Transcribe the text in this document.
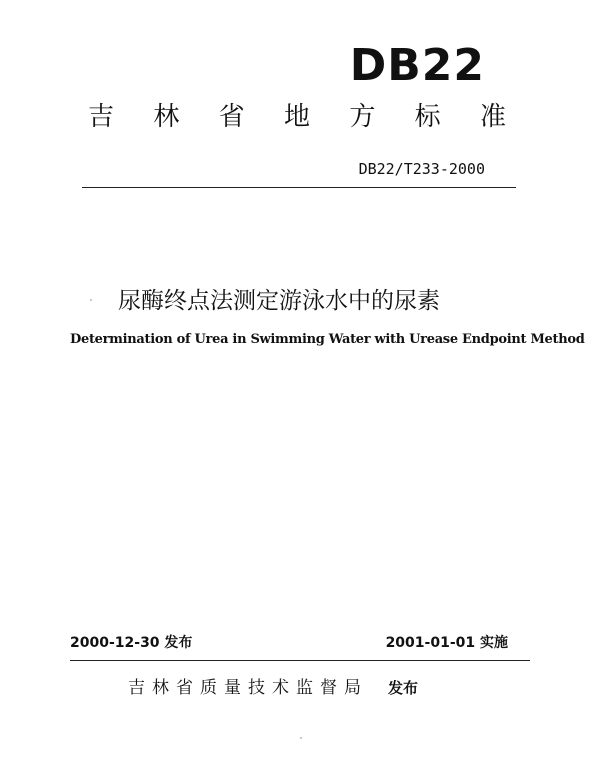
DB22
吉 林 省 地 方 标 准
DB22/T233-2000
尿酶终点法测定游泳水中的尿素
Determination of Urea in Swimming Water with Urease Endpoint Method
2000-12-30 发布	2001-01-01 实施
吉林省质量技术监督局 发布
